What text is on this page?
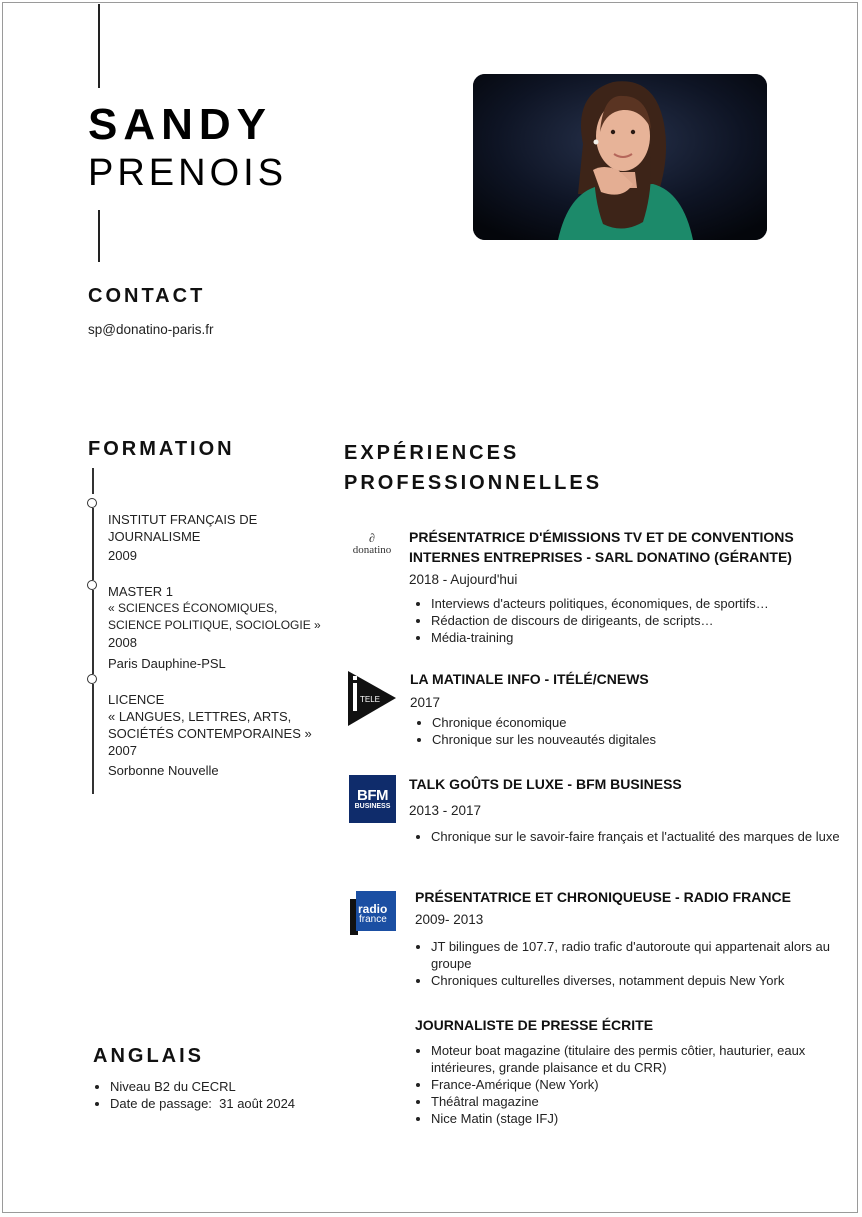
SANDY
PRENOIS
CONTACT
sp@donatino-paris.fr
FORMATION
INSTITUT FRANÇAIS DE
JOURNALISME
2009
MASTER 1
« SCIENCES ÉCONOMIQUES,
SCIENCE POLITIQUE, SOCIOLOGIE »
2008
Paris Dauphine-PSL
LICENCE
« LANGUES, LETTRES, ARTS,
SOCIÉTÉS CONTEMPORAINES »
2007
Sorbonne Nouvelle
EXPÉRIENCES
PROFESSIONNELLES
∂
donatino
PRÉSENTATRICE D'ÉMISSIONS TV ET DE CONVENTIONS INTERNES ENTREPRISES - SARL DONATINO (GÉRANTE)
2018 - Aujourd'hui
• Interviews d'acteurs politiques, économiques, de sportifs…
• Rédaction de discours de dirigeants, de scripts…
• Média-training
TELE
LA MATINALE INFO - ITÉLÉ/CNEWS
2017
• Chronique économique
• Chronique sur les nouveautés digitales
BFM
BUSINESS
TALK GOÛTS DE LUXE - BFM BUSINESS
2013 - 2017
• Chronique sur le savoir-faire français et l'actualité des marques de luxe
radio
france
PRÉSENTATRICE ET CHRONIQUEUSE - RADIO FRANCE
2009- 2013
• JT bilingues de 107.7, radio trafic d'autoroute qui appartenait alors au groupe
• Chroniques culturelles diverses, notamment depuis New York
JOURNALISTE DE PRESSE ÉCRITE
• Moteur boat magazine (titulaire des permis côtier, hauturier, eaux intérieures, grande plaisance et du CRR)
• France-Amérique (New York)
• Théâtral magazine
• Nice Matin (stage IFJ)
ANGLAIS
• Niveau B2 du CECRL
• Date de passage:  31 août 2024
